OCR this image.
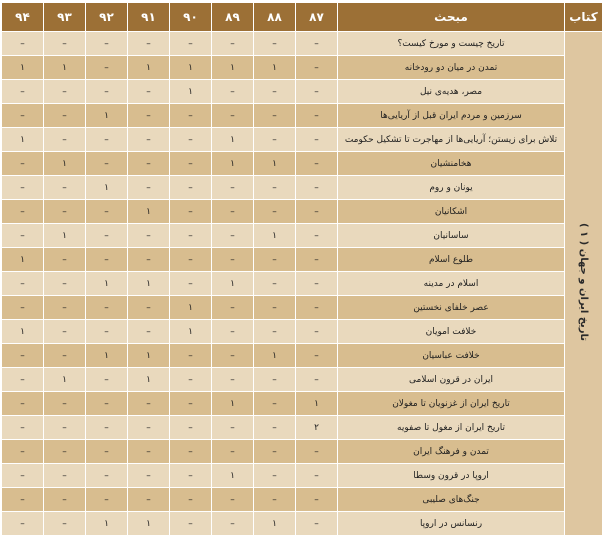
کتاب	مبحث	۸۷	۸۸	۸۹	۹۰	۹۱	۹۲	۹۳	۹۴
تاریخ ایران و جهان ( ۱ )	تاریخ چیست و مورخ کیست؟	–	–	–	–	–	–	–	–
	تمدن در میان دو رودخانه	–	۱	۱	۱	۱	–	۱	۱
	مصر، هدیه‌ی نیل	–	–	–	۱	–	–	–	–
	سرزمین و مردم ایران قبل از آریایی‌ها	–	–	–	–	–	۱	–	–
	تلاش برای زیستن؛ آریایی‌ها از مهاجرت تا تشکیل حکومت	–	–	۱	–	–	–	–	۱
	هخامنشیان	–	۱	۱	–	–	–	۱	–
	یونان و روم	–	–	–	–	–	۱	–	–
	اشکانیان	–	–	–	–	۱	–	–	–
	ساسانیان	–	۱	–	–	–	–	۱	–
	طلوع اسلام	–	–	–	–	–	–	–	۱
	اسلام در مدینه	–	–	۱	–	۱	۱	–	–
	عصر خلفای نخستین	–	–	–	۱	–	–	–	–
	خلافت امویان	–	–	–	۱	–	–	–	۱
	خلافت عباسیان	–	۱	–	–	۱	۱	–	–
	ایران در قرون اسلامی	–	–	–	–	۱	–	۱	–
	تاریخ ایران از غزنویان تا مغولان	۱	–	۱	–	–	–	–	–
	تاریخ ایران از مغول تا صفویه	۲	–	–	–	–	–	–	–
	تمدن و فرهنگ ایران	–	–	–	–	–	–	–	–
	اروپا در قرون وسطا	–	–	۱	–	–	–	–	–
	جنگ‌های صلیبی	–	–	–	–	–	–	–	–
	رنسانس در اروپا	–	۱	–	–	۱	۱	–	–
